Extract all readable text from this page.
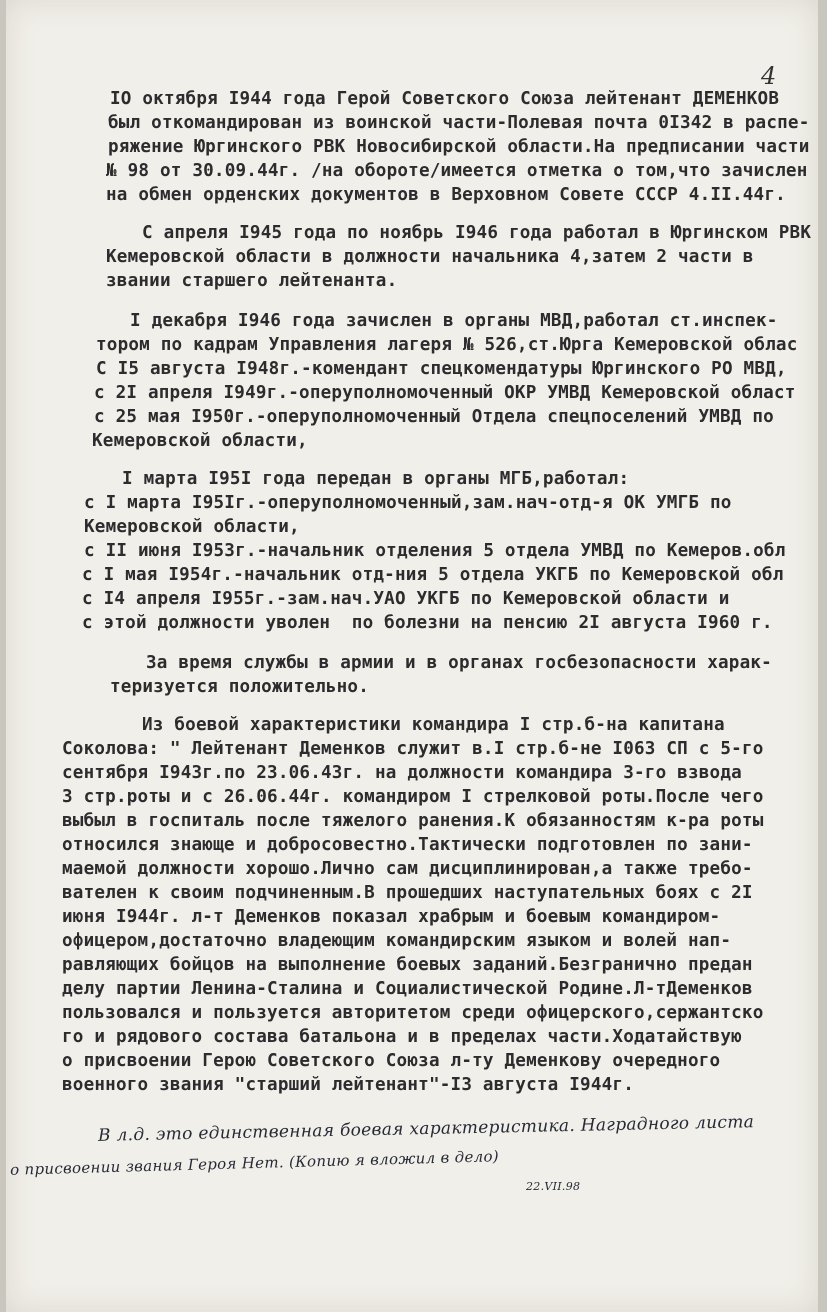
4
IO октября I944 года Герой Советского Союза лейтенант ДЕМЕНКОВ
был откомандирован из воинской части-Полевая почта 0I342 в распе-
ряжение Юргинского РВК Новосибирской области.На предписании части
№ 98 от 30.09.44г. /на обороте/имеется отметка о том,что зачислен
на обмен орденских документов в Верховном Совете СССР 4.II.44г.
С апреля I945 года по ноябрь I946 года работал в Юргинском РВК
Кемеровской области в должности начальника 4,затем 2 части в
звании старшего лейтенанта.
I декабря I946 года зачислен в органы МВД,работал ст.инспек-
тором по кадрам Управления лагеря № 526,ст.Юрга Кемеровской облас
С I5 августа I948г.-комендант спецкомендатуры Юргинского РО МВД,
с 2I апреля I949г.-оперуполномоченный ОКР УМВД Кемеровской област
с 25 мая I950г.-оперуполномоченный Отдела спецпоселений УМВД по
Кемеровской области,
I марта I95I года передан в органы МГБ,работал:
с I марта I95Iг.-оперуполномоченный,зам.нач-отд-я ОК УМГБ по
Кемеровской области,
с II июня I953г.-начальник отделения 5 отдела УМВД по Кемеров.обл
с I мая I954г.-начальник отд-ния 5 отдела УКГБ по Кемеровской обл
с I4 апреля I955г.-зам.нач.УАО УКГБ по Кемеровской области и
с этой должности уволен  по болезни на пенсию 2I августа I960 г.
За время службы в армии и в органах госбезопасности харак-
теризуется положительно.
Из боевой характеристики командира I стр.б-на капитана
Соколова: " Лейтенант Деменков служит в.I стр.б-не I063 СП с 5-го
сентября I943г.по 23.06.43г. на должности командира 3-го взвода
3 стр.роты и с 26.06.44г. командиром I стрелковой роты.После чего
выбыл в госпиталь после тяжелого ранения.К обязанностям к-ра роты
относился знающе и добросовестно.Тактически подготовлен по зани-
маемой должности хорошо.Лично сам дисциплинирован,а также требо-
вателен к своим подчиненным.В прошедших наступательных боях с 2I
июня I944г. л-т Деменков показал храбрым и боевым командиром-
офицером,достаточно владеющим командирским языком и волей нап-
равляющих бойцов на выполнение боевых заданий.Безгранично предан
делу партии Ленина-Сталина и Социалистической Родине.Л-тДеменков
пользовался и пользуется авторитетом среди офицерского,сержантско
го и рядового состава батальона и в пределах части.Ходатайствую
о присвоении Герою Советского Союза л-ту Деменкову очередного
военного звания "старший лейтенант"-I3 августа I944г.
В л.д. это единственная боевая характеристика. Наградного листа
о присвоении звания Героя Нет. (Копию я вложил в дело)
22.VII.98
